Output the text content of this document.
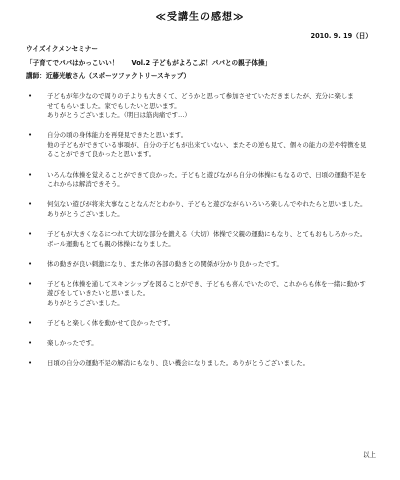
≪受講生の感想≫
2010. 9. 19（日）
ウイズイクメンセミナー
「子育てでパパはかっこいい！　　Vol.2 子どもがよろこぶ！パパとの親子体操」
講師：近藤光敏さん（スポーツファクトリースキップ）
• 子どもが年少なので周りの子よりも大きくて、どうかと思って参加させていただきましたが、充分に楽しま
せてもらいました。家でもしたいと思います。
ありがとうございました。（明日は筋肉痛です…）
• 自分の頃の身体能力を再発見できたと思います。
他の子どもができている事項が、自分の子どもが出来ていない、またその逆も見て、個々の能力の差や特徴を見
ることができて良かったと思います。
• いろんな体操を覚えることができて良かった。子どもと遊びながら自分の体操にもなるので、日頃の運動不足を
これからは解消できそう。
• 何気ない遊びが将来大事なことなんだとわかり、子どもと遊びながらいろいろ楽しんでやれたらと思いました。
ありがとうございました。
• 子どもが大きくなるにつれて大切な部分を鍛える（大切）体操で父親の運動にもなり、とてもおもしろかった。
ボール運動もとても親の体操になりました。
• 体の動きが良い刺激になり、また体の各部の動きとの関係が分かり良かったです。
• 子どもと体操を通してスキンシップを図ることができ、子どもも喜んでいたので、これからも体を一緒に動かす
遊びをしていきたいと思いました。
ありがとうございました。
• 子どもと楽しく体を動かせて良かったです。
• 楽しかったです。
• 日頃の自分の運動不足の解消にもなり、良い機会になりました。ありがとうございました。
以上
